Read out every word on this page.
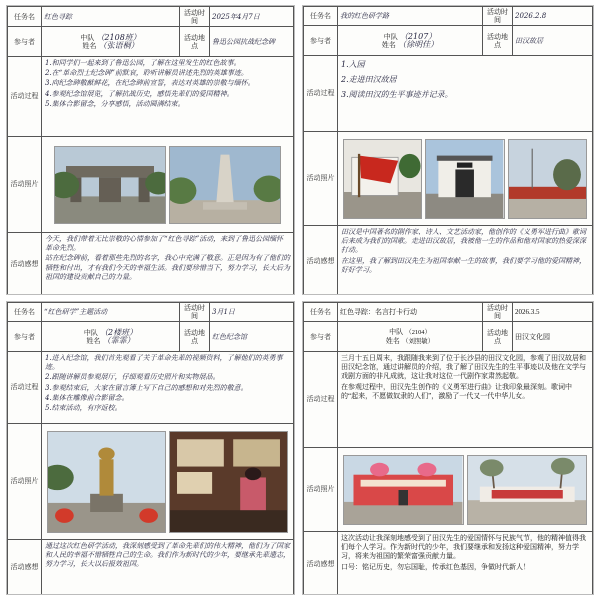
任务名	红色寻踪	活动时间	2025年4月7日
参与者	中队 （2108班）
姓名 （张语桐）	活动地点	鲁迅公园抗战纪念碑
活动过程	1.和同学们一起来到了鲁迅公园，了解在这里发生的红色故事。

2.在“革命烈士纪念碑”前默哀，聆听讲解员讲述先烈的英雄事迹。

3.向纪念碑敬献鲜花，在纪念碑前宣誓，表达对英雄的崇敬与缅怀。

4.参观纪念馆展览，了解抗战历史，感悟先辈们的爱国精神。

5.集体合影留念，分享感悟，活动圆满结束。		

活动照片	

活动感想	今天，我们带着无比崇敬的心情参加了“红色寻踪”活动，来到了鲁迅公园缅怀革命先烈。

站在纪念碑前，看着那些先烈的名字，我心中充满了敬意。正是因为有了他们的牺牲和付出，才有我们今天的幸福生活。我们要珍惜当下，努力学习，长大后为祖国的建设贡献自己的力量。		

任务名	我的红色研学路	活动时间	2026.2.8
参与者	中队 （2107）
姓名 （徐明佳）	活动地点	田汉故居
活动过程	1.入园

2.走进田汉故居

3.阅读田汉的生平事迹并记录。		

活动照片	

活动感想	田汉是中国著名的剧作家、诗人、文艺活动家，他创作的《义勇军进行曲》歌词后来成为我们的国歌。走进田汉故居，我被他一生的作品和他对国家的热爱深深打动。

在这里，我了解到田汉先生为祖国奉献一生的故事，我们要学习他的爱国精神，好好学习。		

任务名	“红色研学”主题活动	活动时间	3月1日
参与者	中队 （2楼班）
姓名 （霏霏）	活动地点	红色纪念馆
活动过程	1.进入纪念馆，我们首先观看了关于革命先辈的视频资料，了解他们的英勇事迹。

2.跟随讲解员参观展厅，仔细观看历史照片和实物展品。

3.参观结束后，大家在留言簿上写下自己的感想和对先烈的敬意。

4.集体在雕像前合影留念。

5.结束活动，有序返校。		

活动照片	

活动感想	通过这次红色研学活动，我深刻感受到了革命先辈们的伟大精神，他们为了国家和人民的幸福不惜牺牲自己的生命。我们作为新时代的少年，要继承先辈遗志，努力学习，长大以后报效祖国。		

任务名	红色寻踪：名言打卡行动	活动时间	2026.3.5
参与者	中队 （2104）
姓名 （刘照敏）	活动地点	田汉文化园
活动过程	三月十五日周末，我跟随我来到了位于长沙县的田汉文化园，参观了田汉故居和田汉纪念馆，通过讲解员的介绍，我了解了田汉先生的生平事迹以及他在文学与戏剧方面的非凡成就，这让我对这位一代剧作家肃然起敬。

在参观过程中，田汉先生创作的《义勇军进行曲》让我印象最深刻。歌词中的“起来，不愿做奴隶的人们”，激励了一代又一代中华儿女。		

活动照片	

活动感想	这次活动让我深刻地感受到了田汉先生的爱国情怀与民族气节，他的精神值得我们每个人学习。作为新时代的少年，我们要继承和发扬这种爱国精神，努力学习，将来为祖国的繁荣富强贡献力量。

口号：铭记历史，勿忘国耻，传承红色基因，争做时代新人！		
